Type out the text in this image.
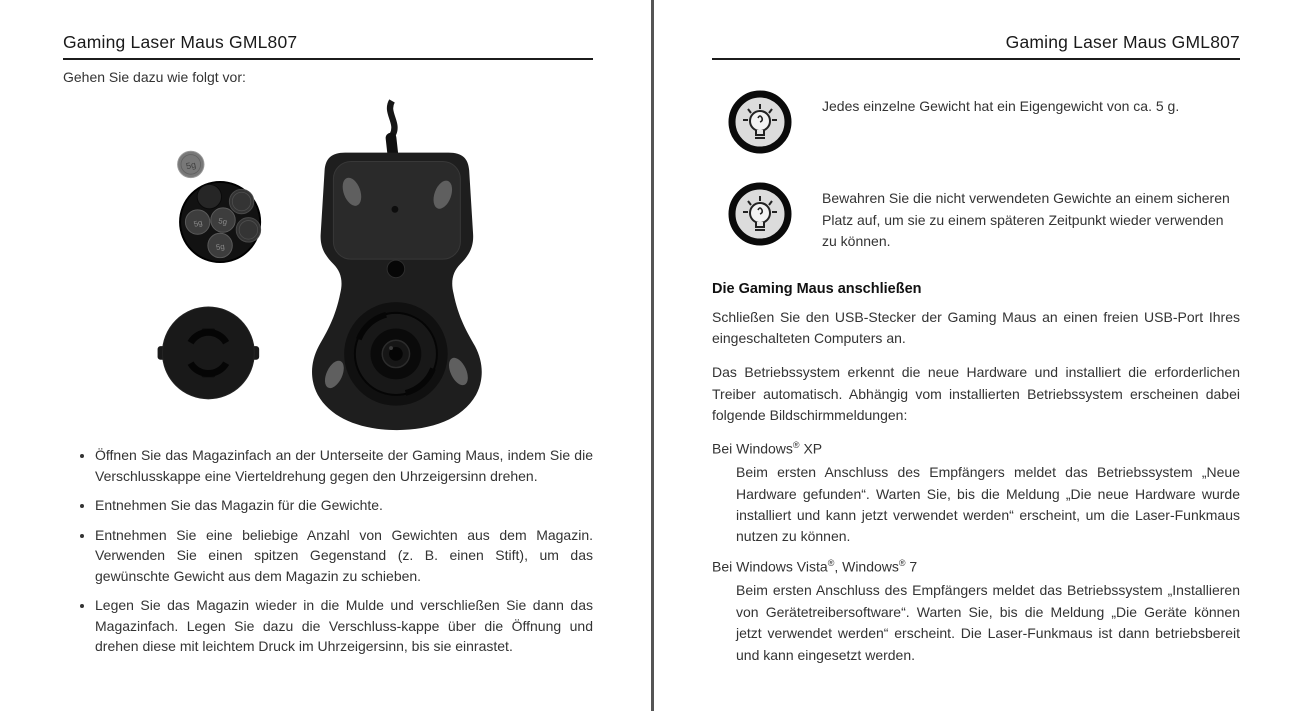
Gaming Laser Maus GML807
Gehen Sie dazu wie folgt vor:
5g
5g 5g
5g
• Öffnen Sie das Magazinfach an der Unterseite der Gaming Maus, indem Sie die Verschlusskappe eine Vierteldrehung gegen den Uhrzeigersinn drehen.
• Entnehmen Sie das Magazin für die Gewichte.
• Entnehmen Sie eine beliebige Anzahl von Gewichten aus dem Magazin. Verwenden Sie einen spitzen Gegenstand (z. B. einen Stift), um das gewünschte Gewicht aus dem Magazin zu schieben.
• Legen Sie das Magazin wieder in die Mulde und verschließen Sie dann das Magazinfach. Legen Sie dazu die Verschluss-kappe über die Öffnung und drehen diese mit leichtem Druck im Uhrzeigersinn, bis sie einrastet.
Gaming Laser Maus GML807
Jedes einzelne Gewicht hat ein Eigengewicht von ca. 5 g.
Bewahren Sie die nicht verwendeten Gewichte an einem sicheren Platz auf, um sie zu einem späteren Zeitpunkt wieder verwenden zu können.
Die Gaming Maus anschließen

Schließen Sie den USB-Stecker der Gaming Maus an einen freien USB-Port Ihres eingeschalteten Computers an.

Das Betriebssystem erkennt die neue Hardware und installiert die erforderlichen Treiber automatisch. Abhängig vom installierten Betriebssystem erscheinen dabei folgende Bildschirmmeldungen:

Bei Windows® XP

Beim ersten Anschluss des Empfängers meldet das Betriebssystem „Neue Hardware gefunden“. Warten Sie, bis die Meldung „Die neue Hardware wurde installiert und kann jetzt verwendet werden“ erscheint, um die Laser-Funkmaus nutzen zu können.

Bei Windows Vista®, Windows® 7

Beim ersten Anschluss des Empfängers meldet das Betriebssystem „Installieren von Gerätetreibersoftware“. Warten Sie, bis die Meldung „Die Geräte können jetzt verwendet werden“ erscheint. Die Laser-Funkmaus ist dann betriebsbereit und kann eingesetzt werden.
